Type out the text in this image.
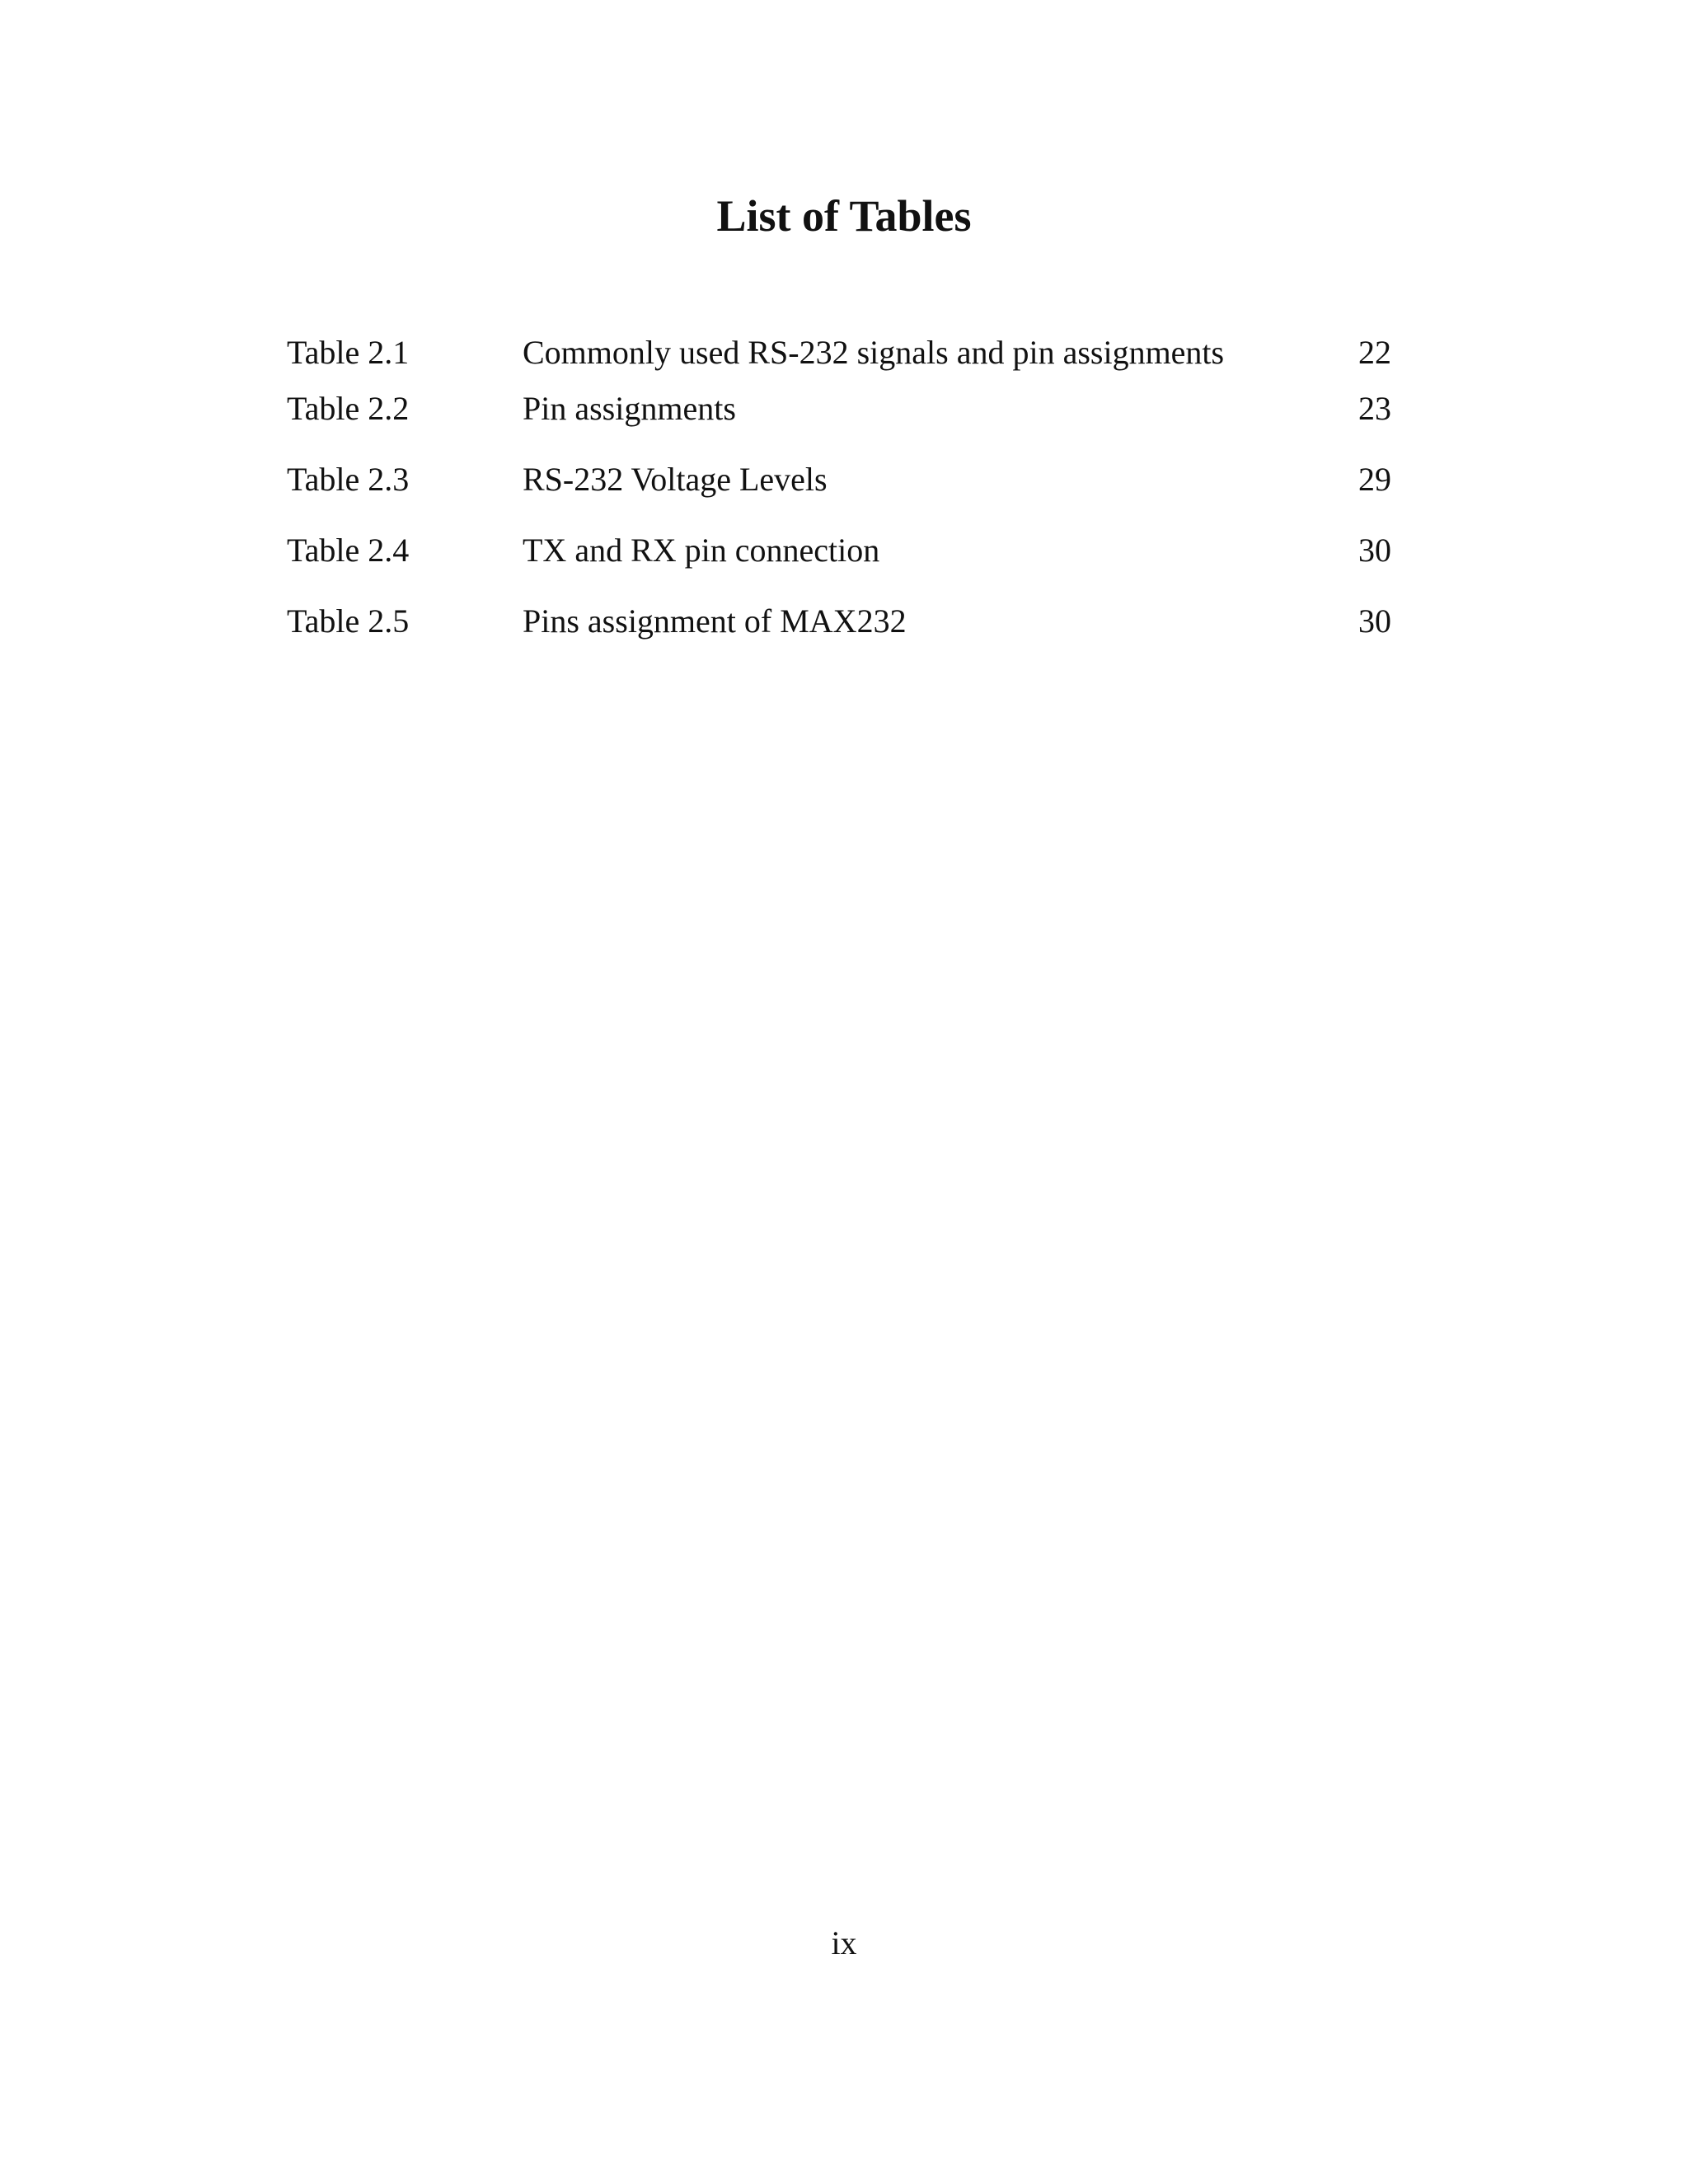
List of Tables
Table 2.1	Commonly used RS-232 signals and pin assignments	22
Table 2.2	Pin assignments	23
Table 2.3	RS-232 Voltage Levels	29
Table 2.4	TX and RX pin connection	30
Table 2.5	Pins assignment of MAX232	30
ix
